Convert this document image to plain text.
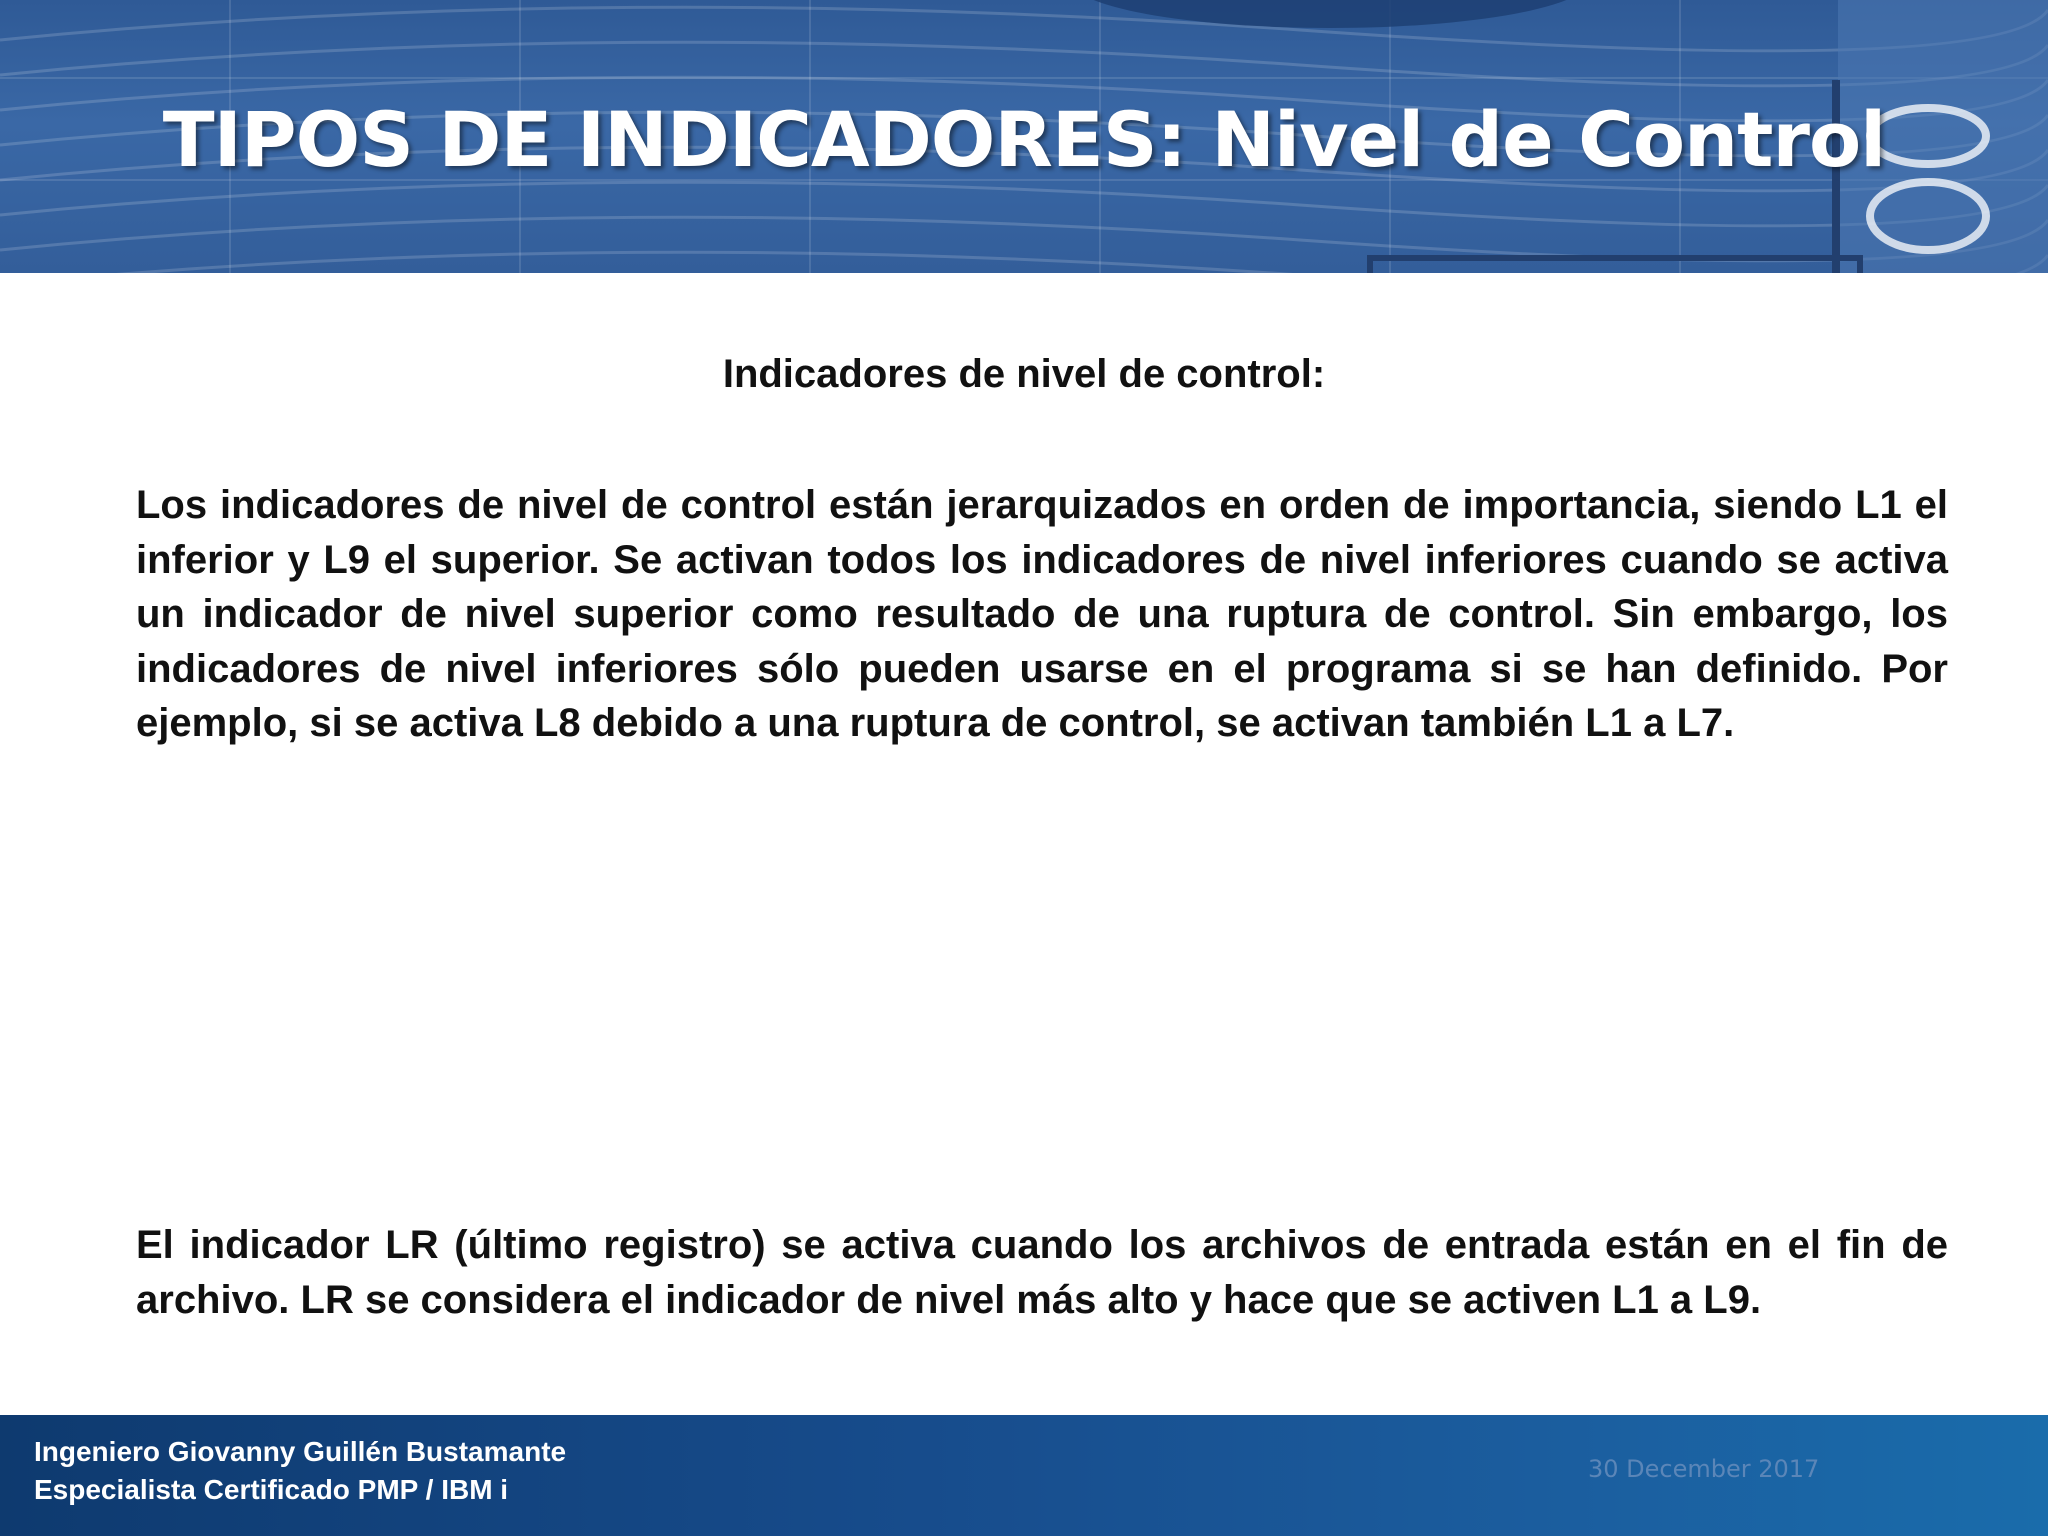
TIPOS DE INDICADORES: Nivel de Control

Indicadores de nivel de control:

Los indicadores de nivel de control están jerarquizados en orden de importancia, siendo L1 el inferior y L9 el superior. Se activan todos los indicadores de nivel inferiores cuando se activa un indicador de nivel superior como resultado de una ruptura de control. Sin embargo, los indicadores de nivel inferiores sólo pueden usarse en el programa si se han definido. Por ejemplo, si se activa L8 debido a una ruptura de control, se activan también L1 a L7.

El indicador LR (último registro) se activa cuando los archivos de entrada están en el fin de archivo. LR se considera el indicador de nivel más alto y hace que se activen L1 a L9.

Ingeniero Giovanny Guillén Bustamante

Especialista Certificado PMP / IBM i

30 December 2017
